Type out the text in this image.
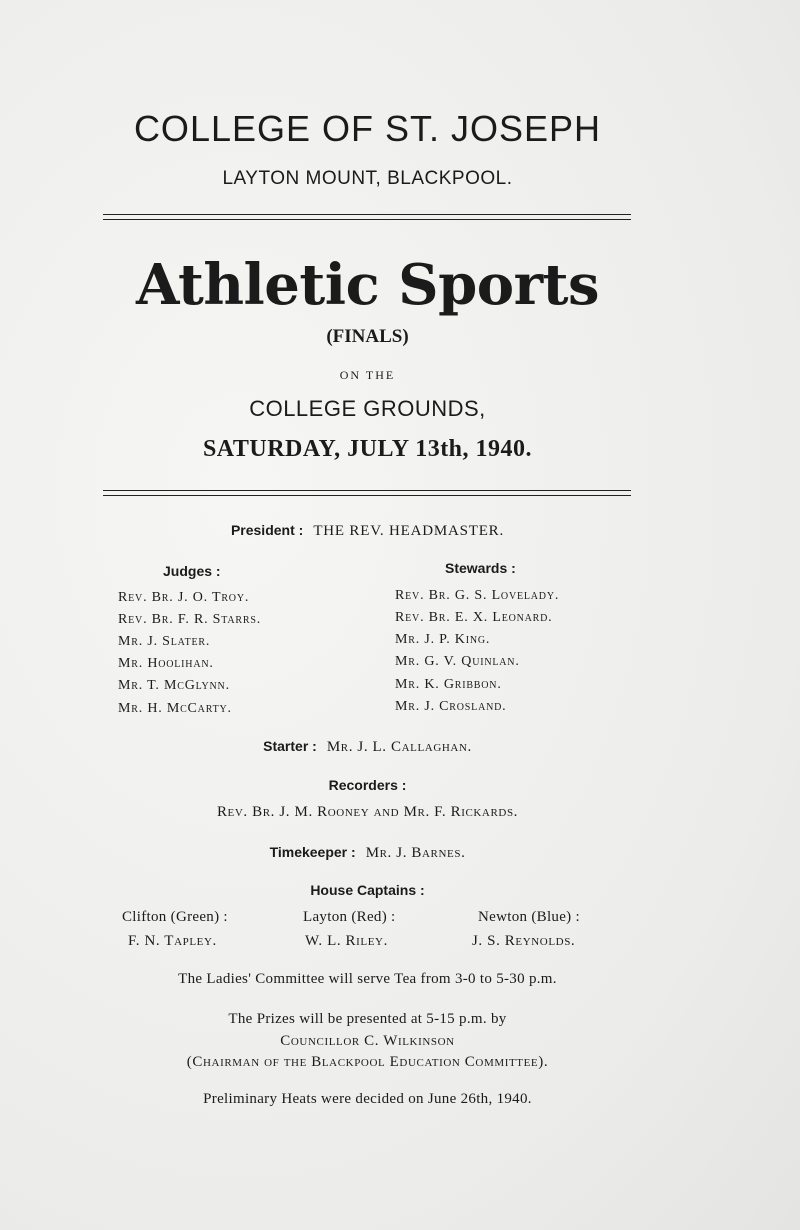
COLLEGE OF ST. JOSEPH
LAYTON MOUNT, BLACKPOOL.
Athletic Sports
(FINALS)
ON THE
COLLEGE GROUNDS,
SATURDAY, JULY 13th, 1940.
President : THE REV. HEADMASTER.
Judges :	Stewards :
Rev. Br. J. O. Troy.
Rev. Br. F. R. Starrs.
Mr. J. Slater.
Mr. Hoolihan.
Mr. T. McGlynn.
Mr. H. McCarty.
Rev. Br. G. S. Lovelady.
Rev. Br. E. X. Leonard.
Mr. J. P. King.
Mr. G. V. Quinlan.
Mr. K. Gribbon.
Mr. J. Crosland.
Starter : Mr. J. L. Callaghan.
Recorders :
Rev. Br. J. M. Rooney and Mr. F. Rickards.
Timekeeper : Mr. J. Barnes.
House Captains :
Clifton (Green) :
F. N. Tapley.
Layton (Red) :
W. L. Riley.
Newton (Blue) :
J. S. Reynolds.
The Ladies' Committee will serve Tea from 3-0 to 5-30 p.m.
The Prizes will be presented at 5-15 p.m. by
Councillor C. Wilkinson
(Chairman of the Blackpool Education Committee).
Preliminary Heats were decided on June 26th, 1940.
